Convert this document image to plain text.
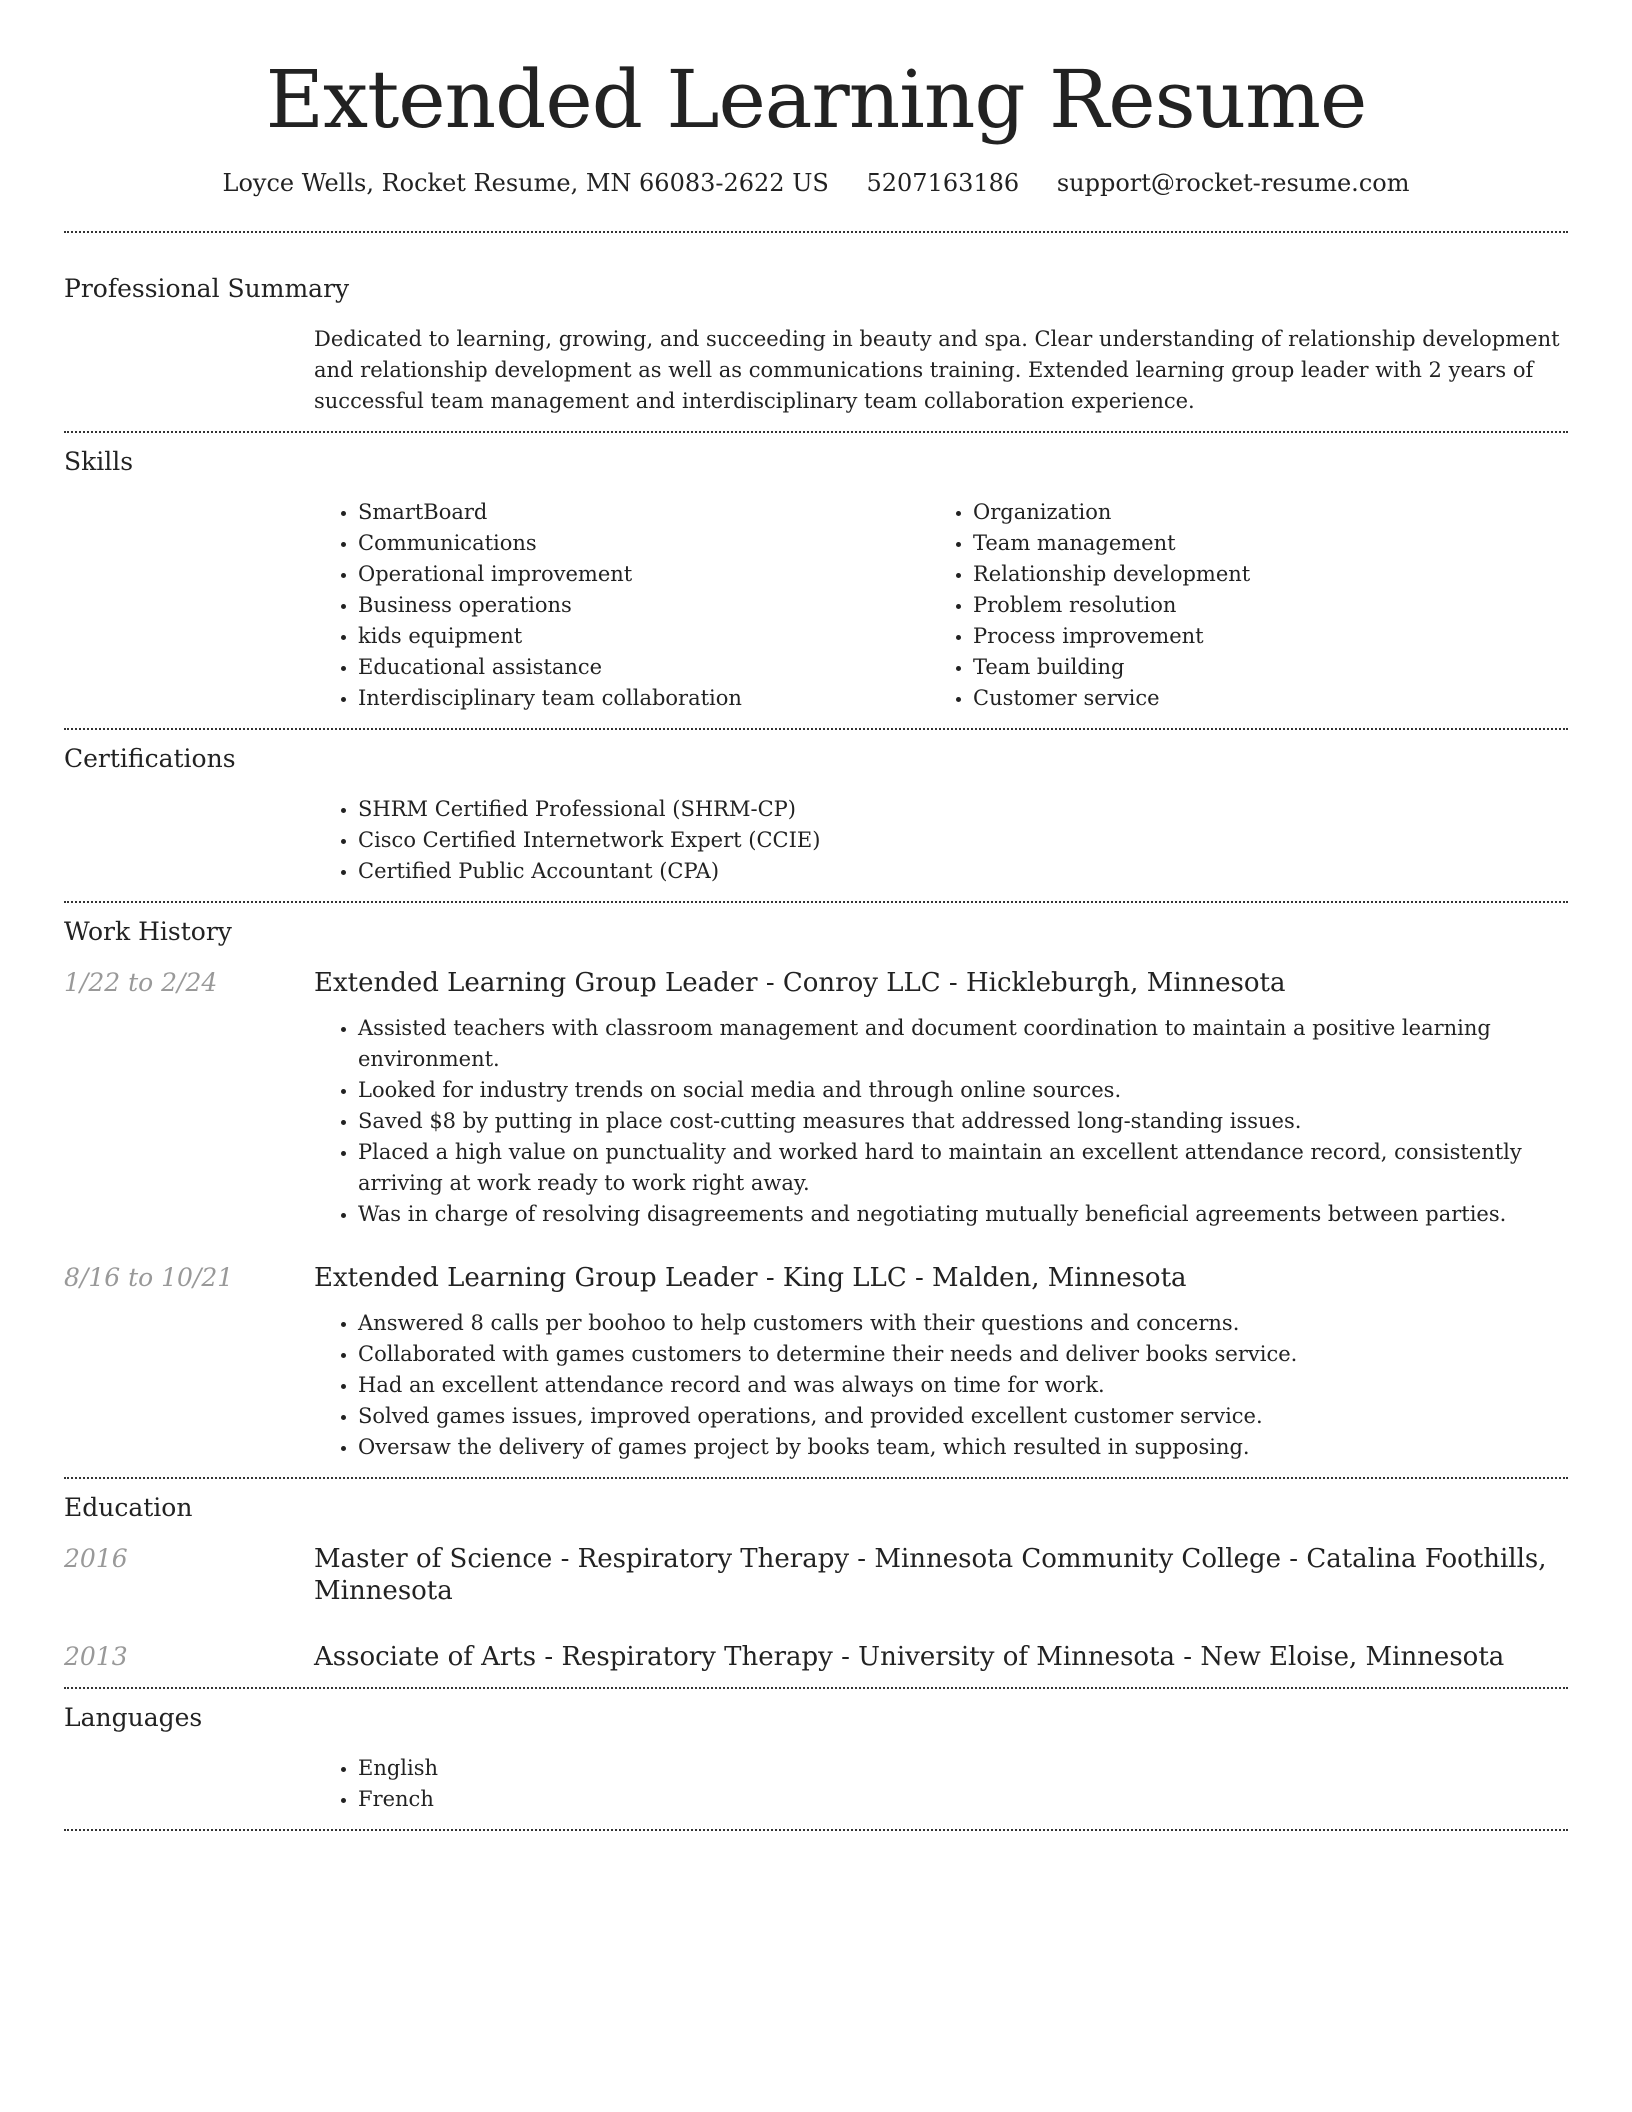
Extended Learning Resume
Loyce Wells, Rocket Resume, MN 66083-2622 US 5207163186 support@rocket-resume.com
Professional Summary
Dedicated to learning, growing, and succeeding in beauty and spa. Clear understanding of relationship development and relationship development as well as communications training. Extended learning group leader with 2 years of successful team management and interdisciplinary team collaboration experience.
Skills
• SmartBoard
• Communications
• Operational improvement
• Business operations
• kids equipment
• Educational assistance
• Interdisciplinary team collaboration
• Organization
• Team management
• Relationship development
• Problem resolution
• Process improvement
• Team building
• Customer service
Certifications
• SHRM Certified Professional (SHRM-CP)
• Cisco Certified Internetwork Expert (CCIE)
• Certified Public Accountant (CPA)
Work History
1/22 to 2/24	Extended Learning Group Leader - Conroy LLC - Hickleburgh, Minnesota
• Assisted teachers with classroom management and document coordination to maintain a positive learning environment.
• Looked for industry trends on social media and through online sources.
• Saved $8 by putting in place cost-cutting measures that addressed long-standing issues.
• Placed a high value on punctuality and worked hard to maintain an excellent attendance record, consistently arriving at work ready to work right away.
• Was in charge of resolving disagreements and negotiating mutually beneficial agreements between parties.
8/16 to 10/21	Extended Learning Group Leader - King LLC - Malden, Minnesota
• Answered 8 calls per boohoo to help customers with their questions and concerns.
• Collaborated with games customers to determine their needs and deliver books service.
• Had an excellent attendance record and was always on time for work.
• Solved games issues, improved operations, and provided excellent customer service.
• Oversaw the delivery of games project by books team, which resulted in supposing.
Education
2016	Master of Science - Respiratory Therapy - Minnesota Community College - Catalina Foothills, Minnesota
2013	Associate of Arts - Respiratory Therapy - University of Minnesota - New Eloise, Minnesota
Languages
• English
• French
